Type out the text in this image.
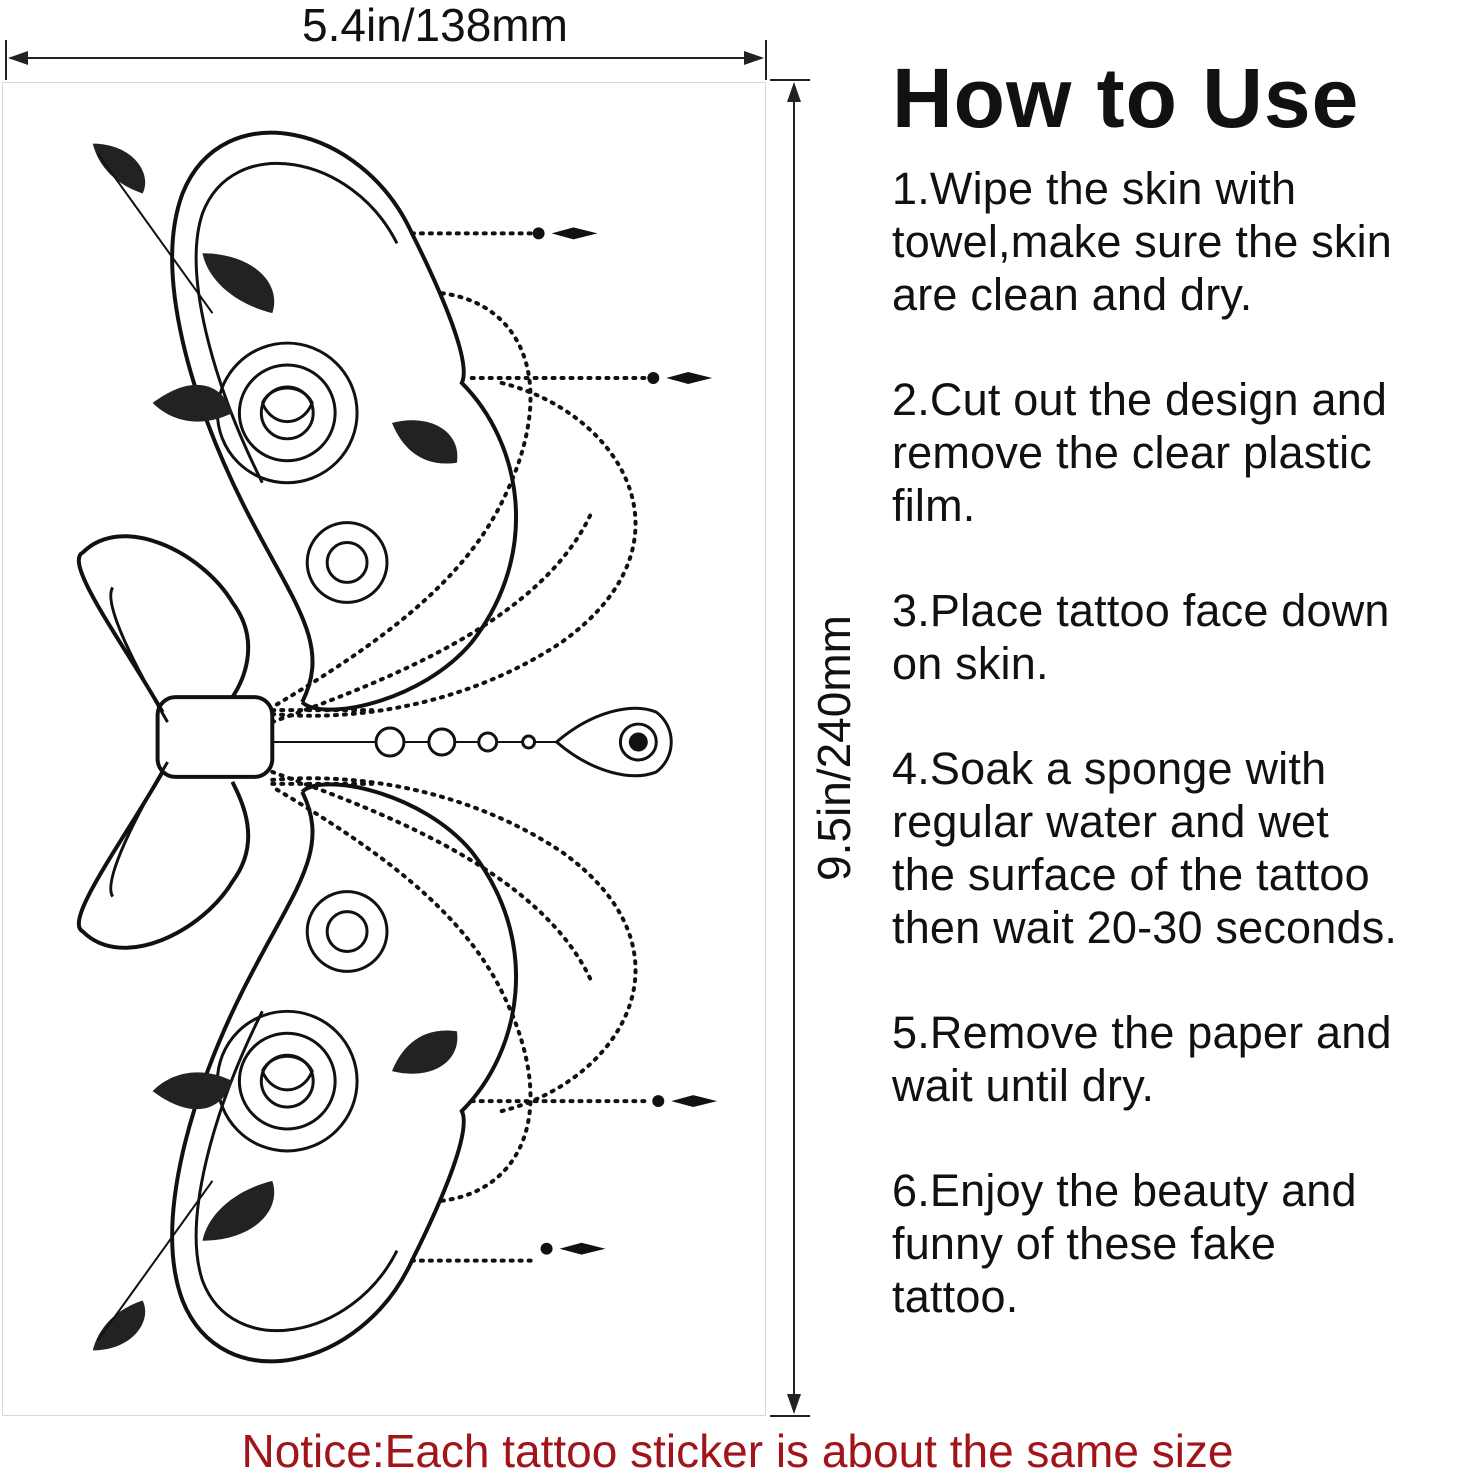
5.4in/138mm
9.5in/240mm
How to Use
1.Wipe the skin with
towel,make sure the skin
are clean and dry.
2.Cut out the design and
remove the clear plastic
film.
3.Place tattoo face down
on skin.
4.Soak a sponge with
regular water and wet
the surface of the tattoo
then wait 20-30 seconds.
5.Remove the paper and
wait until dry.
6.Enjoy the beauty and
funny of these fake
tattoo.
Notice:Each tattoo sticker is about the same size
